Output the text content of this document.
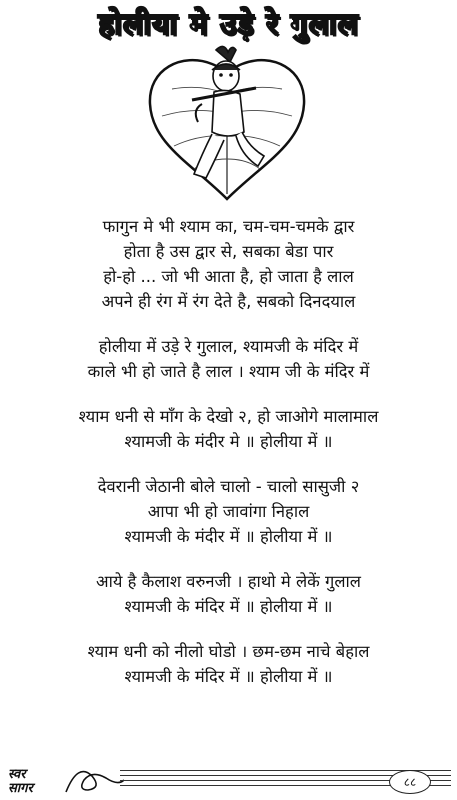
होलीया मे उड़े रे गुलाल
फागुन मे भी श्याम का, चम-चम-चमके द्वार
होता है उस द्वार से, सबका बेडा पार
हो-हो ... जो भी आता है, हो जाता है लाल
अपने ही रंग में रंग देते है, सबको दिनदयाल
होलीया में उड़े रे गुलाल, श्यामजी के मंदिर में
काले भी हो जाते है लाल । श्याम जी के मंदिर में
श्याम धनी से माँग के देखो २, हो जाओगे मालामाल
श्यामजी के मंदीर मे ॥ होलीया में ॥
देवरानी जेठानी बोले चालो - चालो सासुजी २
आपा भी हो जावांगा निहाल
श्यामजी के मंदीर में ॥ होलीया में ॥
आये है कैलाश वरुनजी । हाथो मे लेकें गुलाल
श्यामजी के मंदिर में ॥ होलीया में ॥
श्याम धनी को नीलो घोडो । छम-छम नाचे बेहाल
श्यामजी के मंदिर में ॥ होलीया में ॥
स्वर
सागर	८८
